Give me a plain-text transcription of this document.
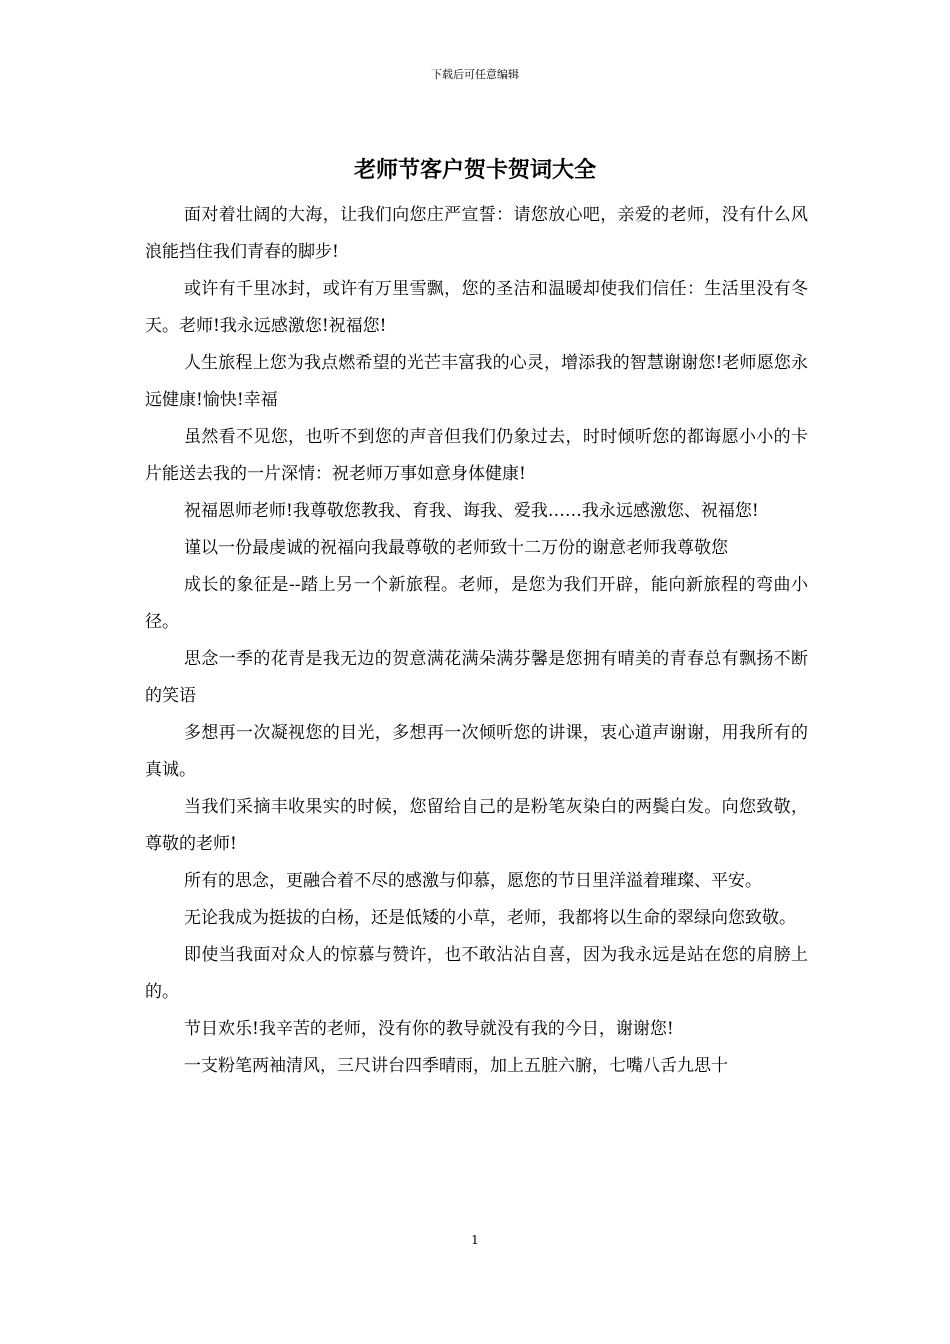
下载后可任意编辑
老师节客户贺卡贺词大全

面对着壮阔的大海，让我们向您庄严宣誓：请您放心吧，亲爱的老师，没有什么风浪能挡住我们青春的脚步!

或许有千里冰封，或许有万里雪飘，您的圣洁和温暖却使我们信任：生活里没有冬天。老师!我永远感激您!祝福您!

人生旅程上您为我点燃希望的光芒丰富我的心灵，增添我的智慧谢谢您!老师愿您永远健康!愉快!幸福

虽然看不见您，也听不到您的声音但我们仍象过去，时时倾听您的都诲愿小小的卡片能送去我的一片深情：祝老师万事如意身体健康!

祝福恩师老师!我尊敬您教我、育我、诲我、爱我……我永远感激您、祝福您!

谨以一份最虔诚的祝福向我最尊敬的老师致十二万份的谢意老师我尊敬您

成长的象征是--踏上另一个新旅程。老师，是您为我们开辟，能向新旅程的弯曲小径。

思念一季的花青是我无边的贺意满花满朵满芬馨是您拥有晴美的青春总有飘扬不断的笑语

多想再一次凝视您的目光，多想再一次倾听您的讲课，衷心道声谢谢，用我所有的真诚。

当我们采摘丰收果实的时候，您留给自己的是粉笔灰染白的两鬓白发。向您致敬，尊敬的老师!

所有的思念，更融合着不尽的感激与仰慕，愿您的节日里洋溢着璀璨、平安。

无论我成为挺拔的白杨，还是低矮的小草，老师，我都将以生命的翠绿向您致敬。

即使当我面对众人的惊慕与赞许，也不敢沾沾自喜，因为我永远是站在您的肩膀上的。

节日欢乐!我辛苦的老师，没有你的教导就没有我的今日，谢谢您!

一支粉笔两袖清风，三尺讲台四季晴雨，加上五脏六腑，七嘴八舌九思十

1
